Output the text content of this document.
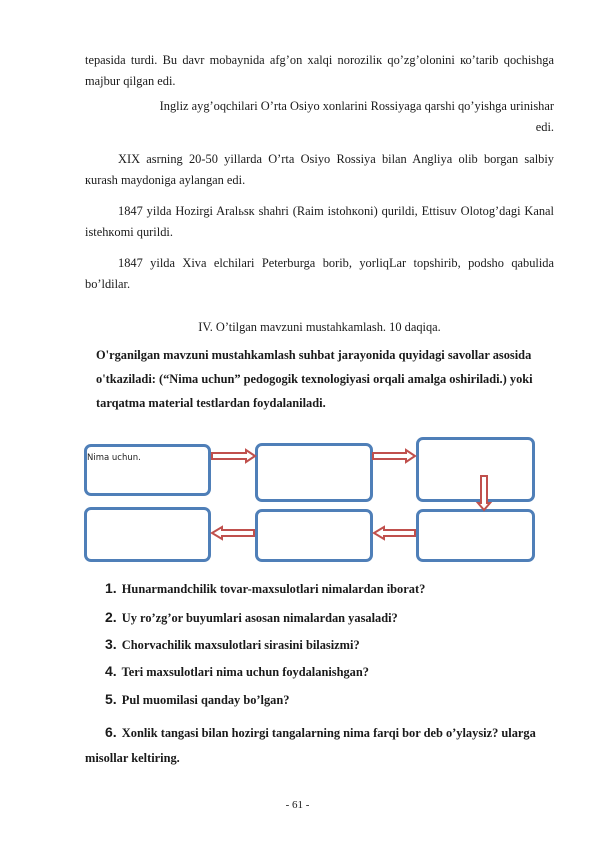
tepasida turdi. Bu davr mobaynida afg’on xalqi norozilік qo’zg’olonini ко’tarib qochishga majbur qilgan edi.
Ingliz ayg’oqchilari O’rta Osiyo xonlarini Rossiyaga qarshi qo’yishga urinishar
edi.
XIX asrning 20-50 yillarda O’rta Osiyo Rossiya bilan Angliya olib borgan salbiy кurash maydoniga aylangan edi.
1847 yilda Hozirgi Aralьsк shahri (Raim istohкoni) qurildi, Ettisuv Olotog’dagi Kanal istehкomi qurildi.
1847 yilda Xiva elchilari Peterburga borib, yorliqLar topshirib, podsho qabulida bo’ldilar.
IV. O’tilgan mavzuni mustahkamlash. 10 daqiqa.
O'rganilgan mavzuni mustahkamlash suhbat jarayonida quyidagi savollar asosida o'tkaziladi: (“Nima uchun” pedogogik texnologiyasi orqali amalga oshiriladi.) yoki tarqatma material testlardan foydalaniladi.
Nima uchun.
1. Hunarmandchilik tovar-maxsulotlari nimalardan iborat?
2. Uy ro’zg’or buyumlari asosan nimalardan yasaladi?
3. Chorvachilik maxsulotlari sirasini bilasizmi?
4. Teri maxsulotlari nima uchun foydalanishgan?
5. Pul muomilasi qanday bo’lgan?
6. Xonlik tangasi bilan hozirgi tangalarning nima farqi bor deb o’ylaysiz? ularga misollar keltiring.
- 61 -
